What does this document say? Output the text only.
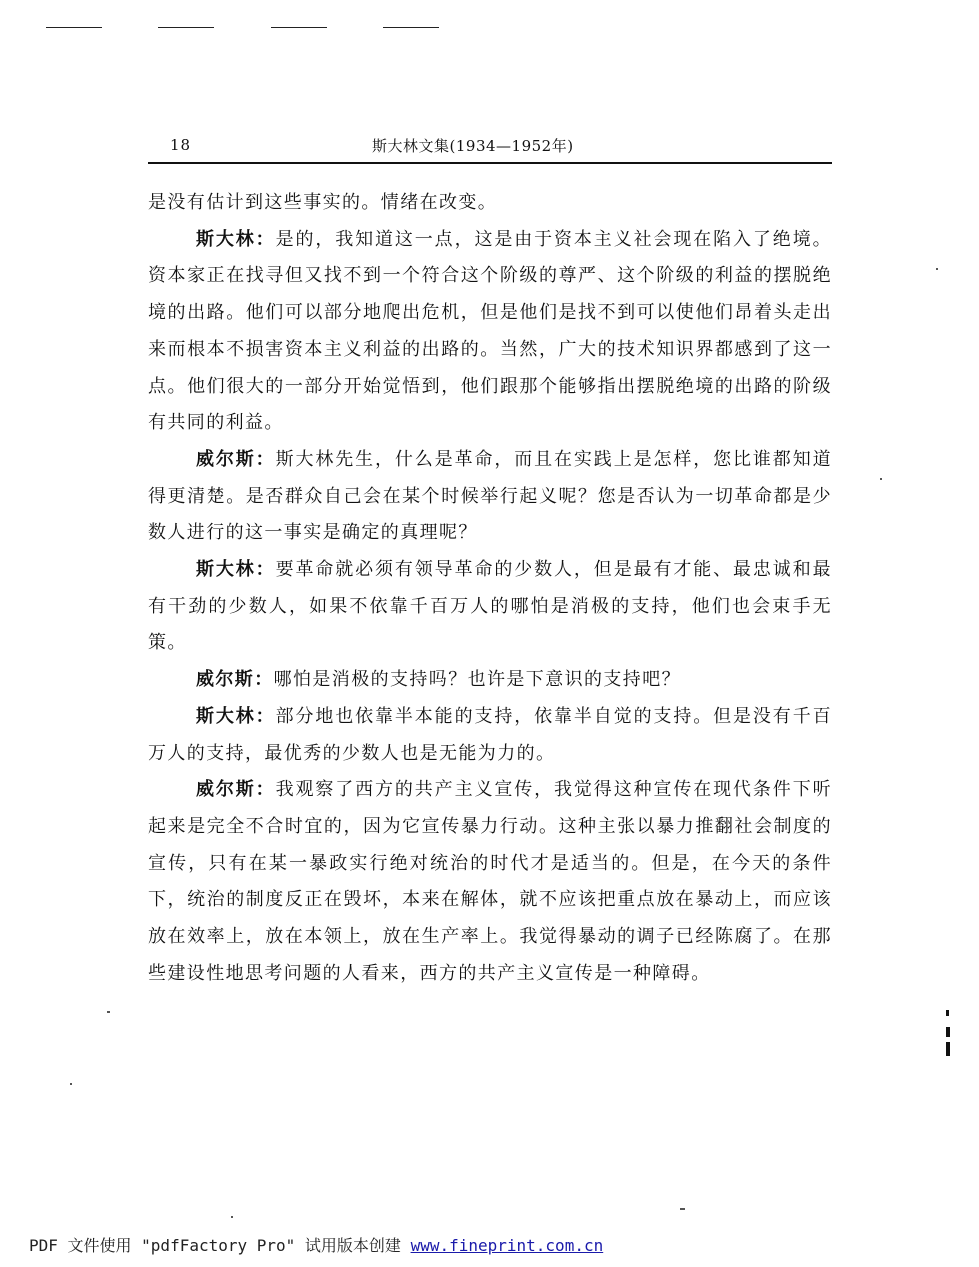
18	斯大林文集(1934—1952年)

是没有估计到这些事实的。情绪在改变。

斯大林：是的，我知道这一点，这是由于资本主义社会现在陷入了绝境。资本家正在找寻但又找不到一个符合这个阶级的尊严、这个阶级的利益的摆脱绝境的出路。他们可以部分地爬出危机，但是他们是找不到可以使他们昂着头走出来而根本不损害资本主义利益的出路的。当然，广大的技术知识界都感到了这一点。他们很大的一部分开始觉悟到，他们跟那个能够指出摆脱绝境的出路的阶级有共同的利益。

威尔斯：斯大林先生，什么是革命，而且在实践上是怎样，您比谁都知道得更清楚。是否群众自己会在某个时候举行起义呢？您是否认为一切革命都是少数人进行的这一事实是确定的真理呢？

斯大林：要革命就必须有领导革命的少数人，但是最有才能、最忠诚和最有干劲的少数人，如果不依靠千百万人的哪怕是消极的支持，他们也会束手无策。

威尔斯：哪怕是消极的支持吗？也许是下意识的支持吧？

斯大林：部分地也依靠半本能的支持，依靠半自觉的支持。但是没有千百万人的支持，最优秀的少数人也是无能为力的。

威尔斯：我观察了西方的共产主义宣传，我觉得这种宣传在现代条件下听起来是完全不合时宜的，因为它宣传暴力行动。这种主张以暴力推翻社会制度的宣传，只有在某一暴政实行绝对统治的时代才是适当的。但是，在今天的条件下，统治的制度反正在毁坏，本来在解体，就不应该把重点放在暴动上，而应该放在效率上，放在本领上，放在生产率上。我觉得暴动的调子已经陈腐了。在那些建设性地思考问题的人看来，西方的共产主义宣传是一种障碍。

PDF 文件使用 "pdfFactory Pro" 试用版本创建 www.fineprint.com.cn
